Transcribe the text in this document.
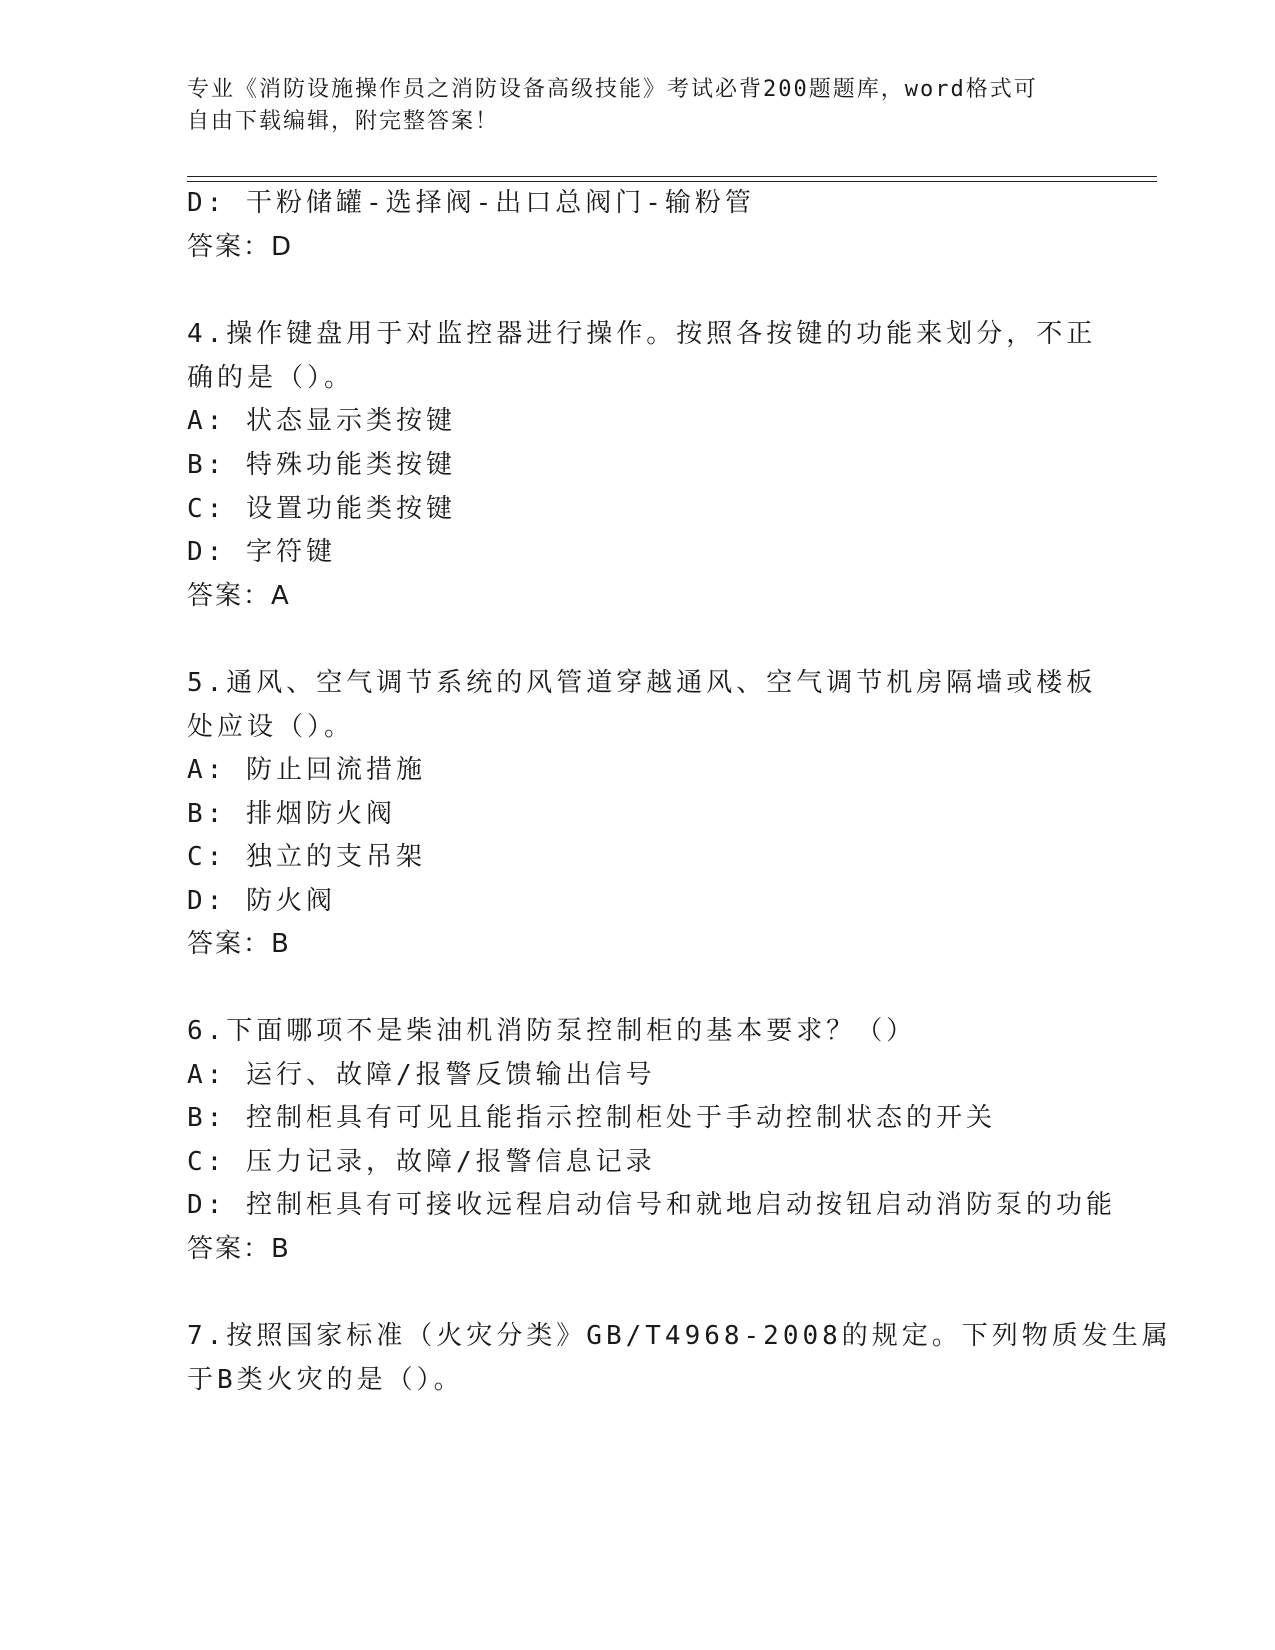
专业《消防设施操作员之消防设备高级技能》考试必背200题题库，word格式可
自由下载编辑，附完整答案！
D: 干粉储罐-选择阀-出口总阀门-输粉管
答案：D
4.操作键盘用于对监控器进行操作。按照各按键的功能来划分，不正
确的是（）。
A: 状态显示类按键
B: 特殊功能类按键
C: 设置功能类按键
D: 字符键
答案：A
5.通风、空气调节系统的风管道穿越通风、空气调节机房隔墙或楼板
处应设（）。
A: 防止回流措施
B: 排烟防火阀
C: 独立的支吊架
D: 防火阀
答案：B
6.下面哪项不是柴油机消防泵控制柜的基本要求？（）
A: 运行、故障/报警反馈输出信号
B: 控制柜具有可见且能指示控制柜处于手动控制状态的开关
C: 压力记录，故障/报警信息记录
D: 控制柜具有可接收远程启动信号和就地启动按钮启动消防泵的功能
答案：B
7.按照国家标准（火灾分类》GB/T4968-2008的规定。下列物质发生属
于B类火灾的是（）。
